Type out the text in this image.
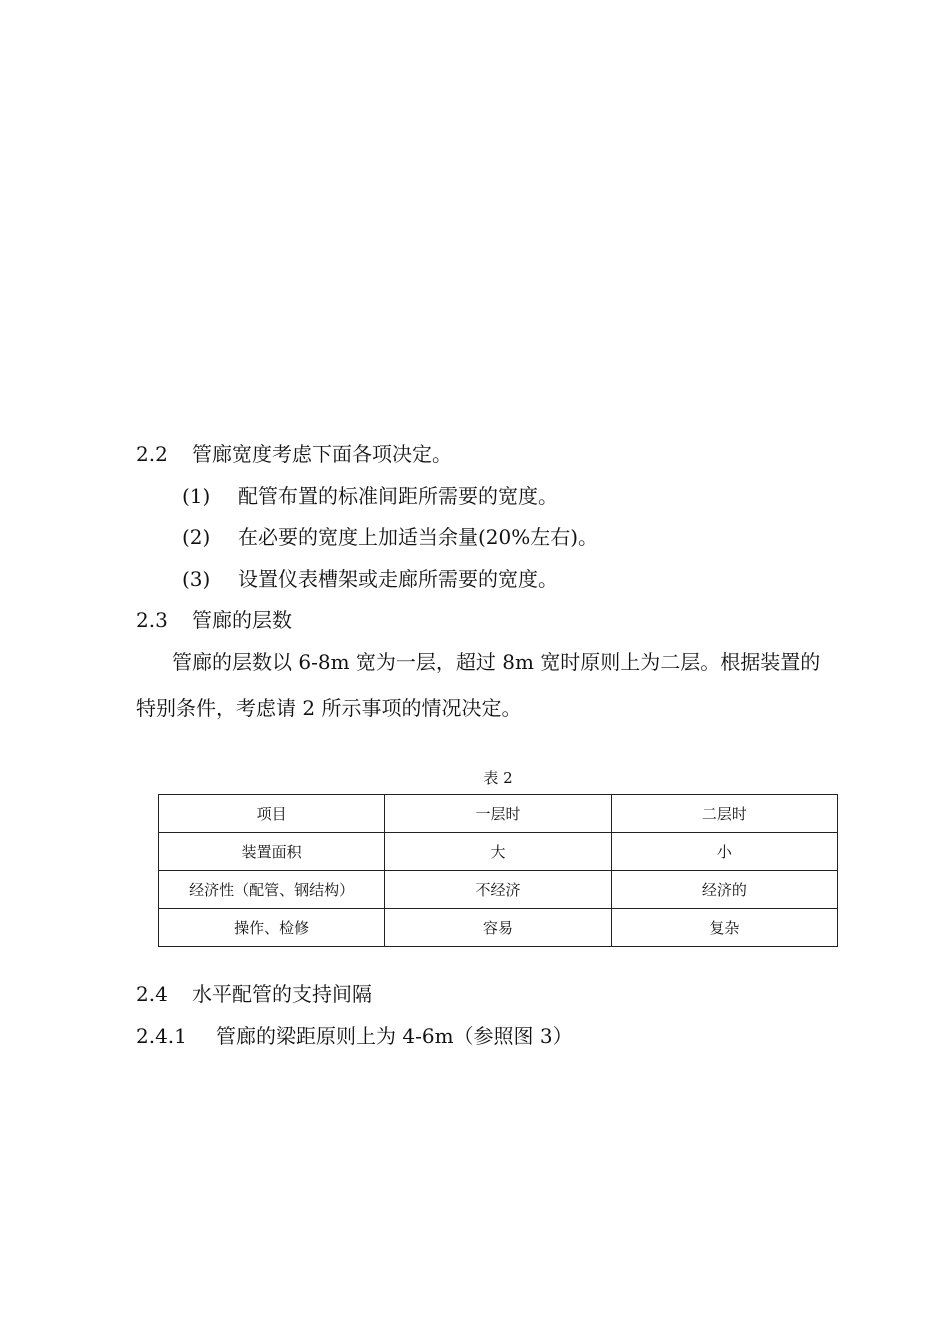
2.2 管廊宽度考虑下面各项决定。
(1) 配管布置的标准间距所需要的宽度。
(2) 在必要的宽度上加适当余量(20%左右)。
(3) 设置仪表槽架或走廊所需要的宽度。
2.3 管廊的层数
管廊的层数以 6-8m 宽为一层，超过 8m 宽时原则上为二层。根据装置的
特别条件，考虑请 2 所示事项的情况决定。
表 2
项目	一层时	二层时
装置面积	大	小
经济性（配管、钢结构）	不经济	经济的
操作、检修	容易	复杂
2.4 水平配管的支持间隔
2.4.1 管廊的梁距原则上为 4-6m（参照图 3）
